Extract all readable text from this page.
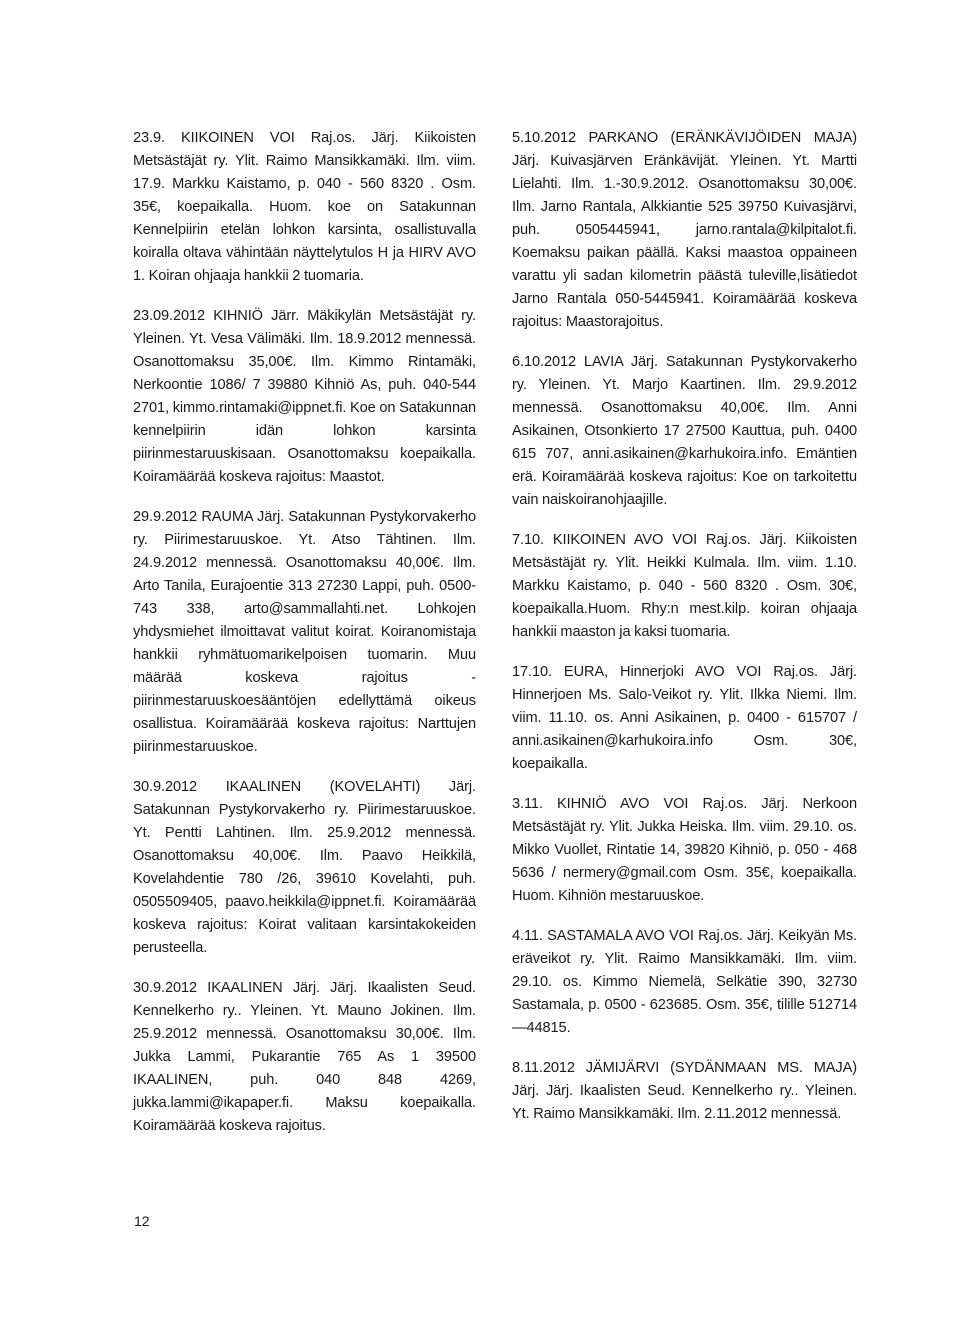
23.9. KIIKOINEN VOI Raj.os. Järj. Kiikoisten Metsästäjät ry. Ylit. Raimo Mansikkamäki. Ilm. viim. 17.9. Markku Kaistamo, p. 040 - 560 8320 . Osm. 35€, koepaikalla. Huom. koe on Satakunnan Kennelpiirin etelän lohkon karsinta, osallistuvalla koiralla oltava vähintään näyttelytulos H ja HIRV AVO 1. Koiran ohjaaja hankkii 2 tuomaria.

23.09.2012 KIHNIÖ Järr. Mäkikylän Metsästäjät ry. Yleinen. Yt. Vesa Välimäki. Ilm. 18.9.2012 mennessä. Osanottomaksu 35,00€. Ilm. Kimmo Rintamäki, Nerkoontie 1086/ 7 39880 Kihniö As, puh. 040-544 2701, kimmo.rintamaki@ippnet.fi. Koe on Satakunnan kennelpiirin idän lohkon karsinta piirinmestaruuskisaan. Osanottomaksu koepaikalla. Koiramäärää koskeva rajoitus: Maastot.

29.9.2012 RAUMA Järj. Satakunnan Pystykorvakerho ry. Piirimestaruuskoe. Yt. Atso Tähtinen. Ilm. 24.9.2012 mennessä. Osanottomaksu 40,00€. Ilm. Arto Tanila, Eurajoentie 313 27230 Lappi, puh. 0500-743 338, arto@sammallahti.net. Lohkojen yhdysmiehet ilmoittavat valitut koirat. Koiranomistaja hankkii ryhmätuomarikelpoisen tuomarin. Muu määrää koskeva rajoitus - piirinmestaruuskoesääntöjen edellyttämä oikeus osallistua. Koiramäärää koskeva rajoitus: Narttujen piirinmestaruuskoe.

30.9.2012 IKAALINEN (KOVELAHTI) Järj. Satakunnan Pystykorvakerho ry. Piirimestaruuskoe. Yt. Pentti Lahtinen. Ilm. 25.9.2012 mennessä. Osanottomaksu 40,00€. Ilm. Paavo Heikkilä, Kovelahdentie 780 /26, 39610 Kovelahti, puh. 0505509405, paavo.heikkila@ippnet.fi. Koiramäärää koskeva rajoitus: Koirat valitaan karsintakokeiden perusteella.

30.9.2012 IKAALINEN Järj. Järj. Ikaalisten Seud. Kennelkerho ry.. Yleinen. Yt. Mauno Jokinen. Ilm. 25.9.2012 mennessä. Osanottomaksu 30,00€. Ilm. Jukka Lammi, Pukarantie 765 As 1 39500 IKAALINEN, puh. 040 848 4269, jukka.lammi@ikapaper.fi. Maksu koepaikalla. Koiramäärää koskeva rajoitus.

5.10.2012 PARKANO (ERÄNKÄVIJÖIDEN MAJA) Järj. Kuivasjärven Eränkävijät. Yleinen. Yt. Martti Lielahti. Ilm. 1.-30.9.2012. Osanottomaksu 30,00€. Ilm. Jarno Rantala, Alkkiantie 525 39750 Kuivasjärvi, puh. 0505445941, jarno.rantala@kilpitalot.fi. Koemaksu paikan päällä. Kaksi maastoa oppaineen varattu yli sadan kilometrin päästä tuleville,lisätiedot Jarno Rantala 050-5445941. Koiramäärää koskeva rajoitus: Maastorajoitus.

6.10.2012 LAVIA Järj. Satakunnan Pystykorvakerho ry. Yleinen. Yt. Marjo Kaartinen. Ilm. 29.9.2012 mennessä. Osanottomaksu 40,00€. Ilm. Anni Asikainen, Otsonkierto 17 27500 Kauttua, puh. 0400 615 707, anni.asikainen@karhukoira.info. Emäntien erä. Koiramäärää koskeva rajoitus: Koe on tarkoitettu vain naiskoiranohjaajille.

7.10. KIIKOINEN AVO VOI Raj.os. Järj. Kiikoisten Metsästäjät ry. Ylit. Heikki Kulmala. Ilm. viim. 1.10. Markku Kaistamo, p. 040 - 560 8320 . Osm. 30€, koepaikalla.Huom. Rhy:n mest.kilp. koiran ohjaaja hankkii maaston ja kaksi tuomaria.

17.10. EURA, Hinnerjoki AVO VOI Raj.os. Järj. Hinnerjoen Ms. Salo-Veikot ry. Ylit. Ilkka Niemi. Ilm. viim. 11.10. os. Anni Asikainen, p. 0400 - 615707 / anni.asikainen@karhukoira.info Osm. 30€, koepaikalla.

3.11. KIHNIÖ AVO VOI Raj.os. Järj. Nerkoon Metsästäjät ry. Ylit. Jukka Heiska. Ilm. viim. 29.10. os. Mikko Vuollet, Rintatie 14, 39820 Kihniö, p. 050 - 468 5636 / nermery@gmail.com Osm. 35€, koepaikalla. Huom. Kihniön mestaruuskoe.

4.11. SASTAMALA AVO VOI Raj.os. Järj. Keikyän Ms. eräveikot ry. Ylit. Raimo Mansikkamäki. Ilm. viim. 29.10. os. Kimmo Niemelä, Selkätie 390, 32730 Sastamala, p. 0500 - 623685. Osm. 35€, tilille 512714—44815.

8.11.2012 JÄMIJÄRVI (SYDÄNMAAN MS. MAJA) Järj. Järj. Ikaalisten Seud. Kennelkerho ry.. Yleinen. Yt. Raimo Mansikkamäki. Ilm. 2.11.2012 mennessä.

12
